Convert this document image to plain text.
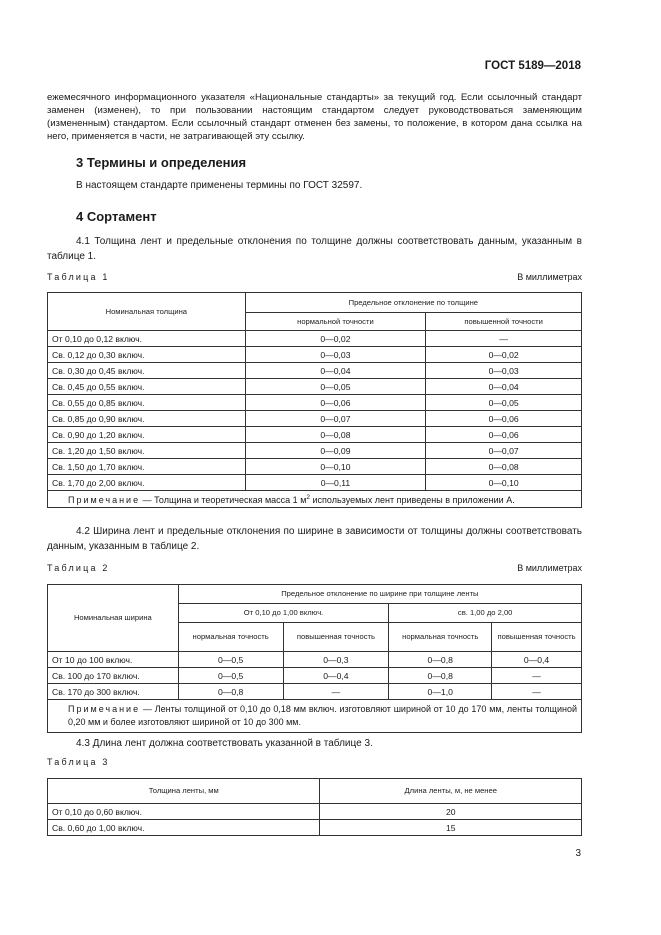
ГОСТ 5189—2018
ежемесячного информационного указателя «Национальные стандарты» за текущий год. Если ссылочный стандарт заменен (изменен), то при пользовании настоящим стандартом следует руководствоваться заменяющим (измененным) стандартом. Если ссылочный стандарт отменен без замены, то положение, в котором дана ссылка на него, применяется в части, не затрагивающей эту ссылку.
3 Термины и определения
В настоящем стандарте применены термины по ГОСТ 32597.
4 Сортамент
4.1 Толщина лент и предельные отклонения по толщине должны соответствовать данным, указанным в таблице 1.
Таблица 1	В миллиметрах
Номинальная толщина	Предельное отклонение по толщине	
	нормальной точности	повышенной точности
От 0,10 до 0,12 включ.	0—0,02	—
Св. 0,12 до 0,30 включ.	0—0,03	0—0,02
Св. 0,30 до 0,45 включ.	0—0,04	0—0,03
Св. 0,45 до 0,55 включ.	0—0,05	0—0,04
Св. 0,55 до 0,85 включ.	0—0,06	0—0,05
Св. 0,85 до 0,90 включ.	0—0,07	0—0,06
Св. 0,90 до 1,20 включ.	0—0,08	0—0,06
Св. 1,20 до 1,50 включ.	0—0,09	0—0,07
Св. 1,50 до 1,70 включ.	0—0,10	0—0,08
Св. 1,70 до 2,00 включ.	0—0,11	0—0,10
Примечание — Толщина и теоретическая масса 1 $м^2$ используемых лент приведены в приложении А.		
4.2 Ширина лент и предельные отклонения по ширине в зависимости от толщины должны соответствовать данным, указанным в таблице 2.
Таблица 2	В миллиметрах
Номинальная ширина	Предельное отклонение по ширине при толщине ленты			
	От 0,10 до 1,00 включ.		св. 1,00 до 2,00	
	нормальная точность	повышенная точность	нормальная точность	повышенная точность
От 10 до 100 включ.	0—0,5	0—0,3	0—0,8	0—0,4
Св. 100 до 170 включ.	0—0,5	0—0,4	0—0,8	—
Св. 170 до 300 включ.	0—0,8	—	0—1,0	—
Примечание — Ленты толщиной от 0,10 до 0,18 мм включ. изготовляют шириной от 10 до 170 мм, ленты толщиной 0,20 мм и более изготовляют шириной от 10 до 300 мм.				
4.3 Длина лент должна соответствовать указанной в таблице 3.
Таблица 3
Толщина ленты, мм	Длина ленты, м, не менее
От 0,10 до 0,60 включ.	20
Св. 0,60 до 1,00 включ.	15
3
